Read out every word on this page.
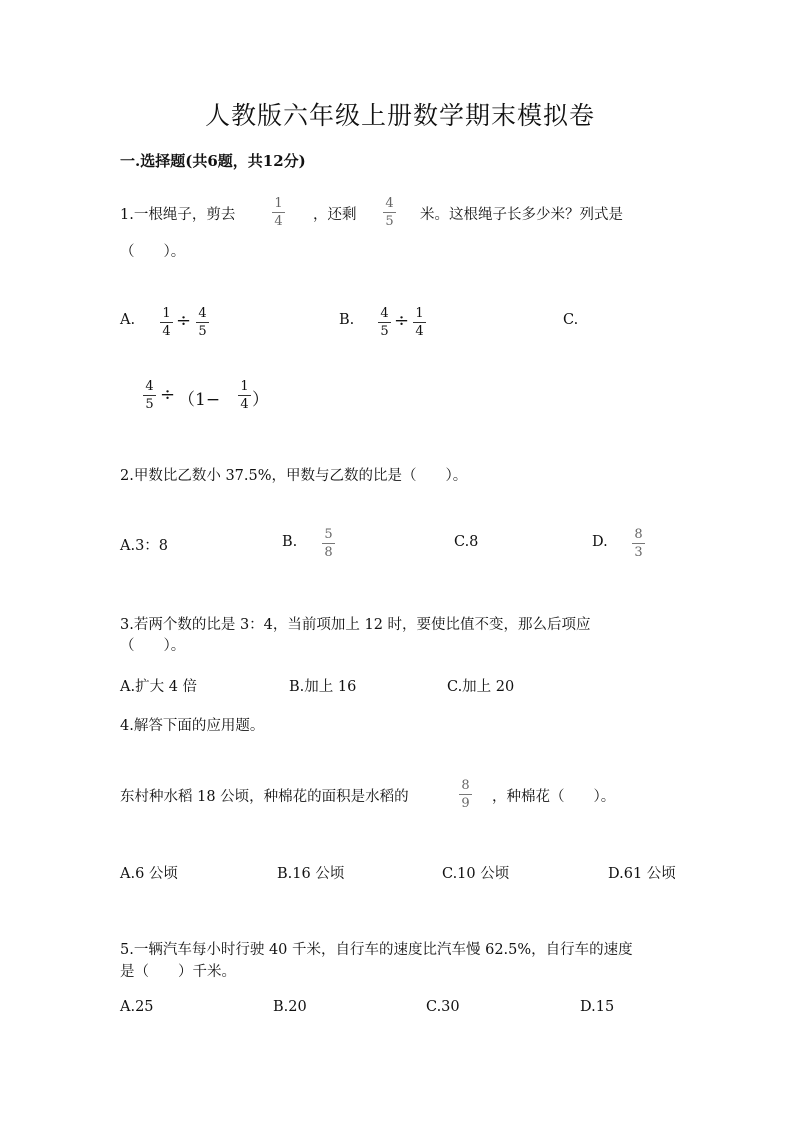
人教版六年级上册数学期末模拟卷
一.选择题(共6题，共12分)
1.一根绳子，剪去
1
4 ，还剩
4
5 米。这根绳子长多少米？列式是
（　　）。
A. 1
4
÷ 4
5
B. 4
5
÷ 1
4
C.
4
5 ÷ （1−
1
4 ）
2.甲数比乙数小 37.5%，甲数与乙数的比是（　　）。
A.3：8	B. 5
8
C.8	D. 8
3
3.若两个数的比是 3：4，当前项加上 12 时，要使比值不变，那么后项应
（　　）。
A.扩大 4 倍	B.加上 16	C.加上 20
4.解答下面的应用题。
东村种水稻 18 公顷，种棉花的面积是水稻的
8
9 ，种棉花（　　）。
A.6 公顷	B.16 公顷	C.10 公顷	D.61 公顷
5.一辆汽车每小时行驶 40 千米，自行车的速度比汽车慢 62.5%，自行车的速度
是（　　）千米。
A.25	B.20	C.30	D.15
